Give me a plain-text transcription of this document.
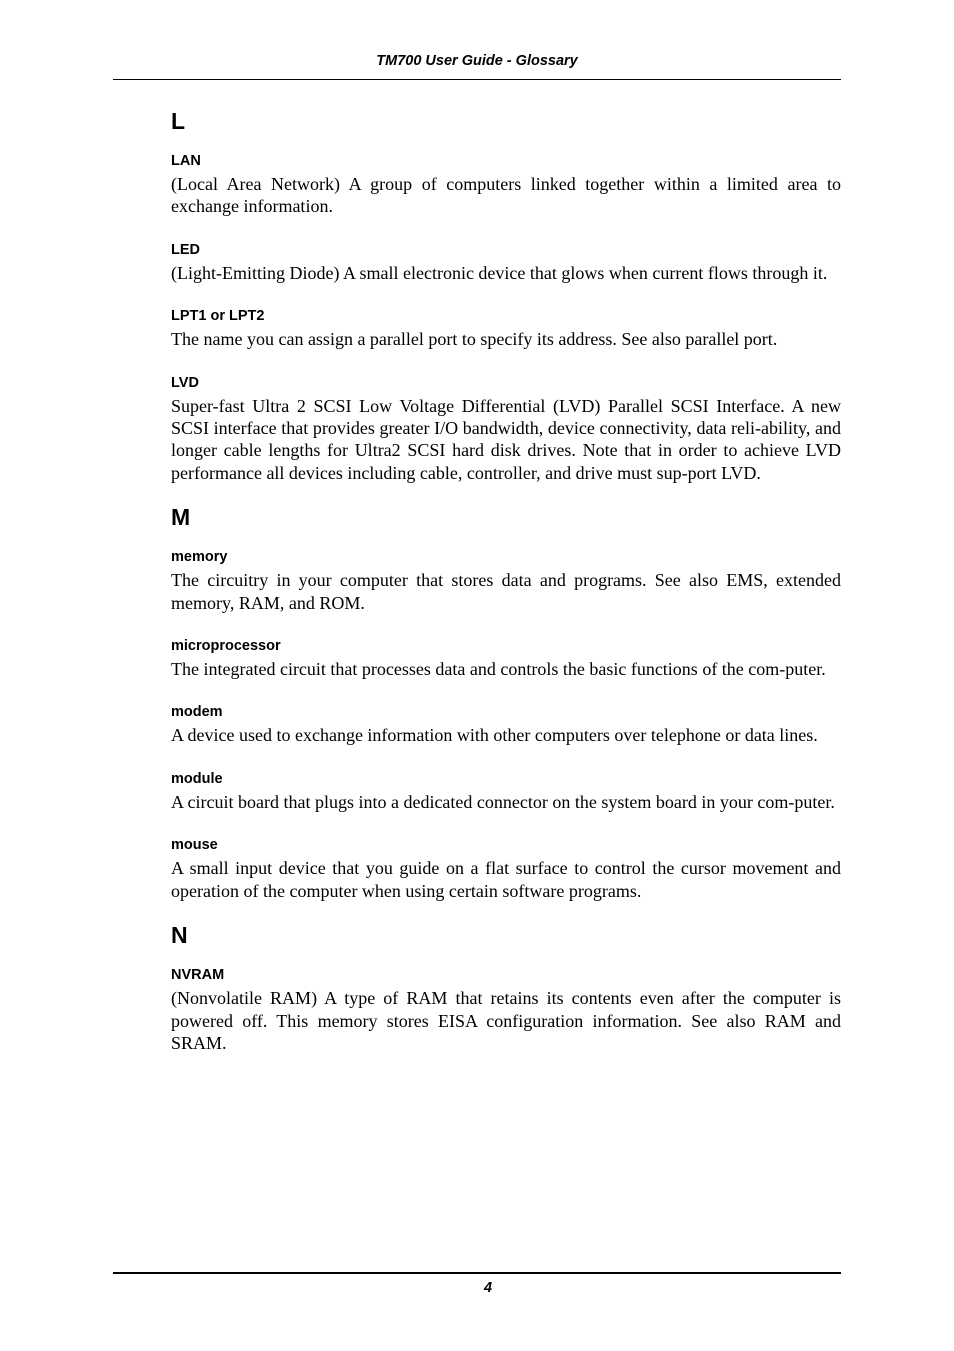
TM700 User Guide - Glossary
L
LAN

(Local Area Network) A group of computers linked together within a limited area to exchange information.

LED

(Light-Emitting Diode) A small electronic device that glows when current flows through it.

LPT1 or LPT2

The name you can assign a parallel port to specify its address. See also parallel port.

LVD

Super-fast Ultra 2 SCSI Low Voltage Differential (LVD) Parallel SCSI Interface. A new SCSI interface that provides greater I/O bandwidth, device connectivity, data reli-ability, and longer cable lengths for Ultra2 SCSI hard disk drives. Note that in order to achieve LVD performance all devices including cable, controller, and drive must sup-port LVD.

M
memory

The circuitry in your computer that stores data and programs. See also EMS, extended memory, RAM, and ROM.

microprocessor

The integrated circuit that processes data and controls the basic functions of the com-puter.

modem

A device used to exchange information with other computers over telephone or data lines.

module

A circuit board that plugs into a dedicated connector on the system board in your com-puter.

mouse

A small input device that you guide on a flat surface to control the cursor movement and operation of the computer when using certain software programs.

N
NVRAM

(Nonvolatile RAM) A type of RAM that retains its contents even after the computer is powered off. This memory stores EISA configuration information. See also RAM and SRAM.

4
